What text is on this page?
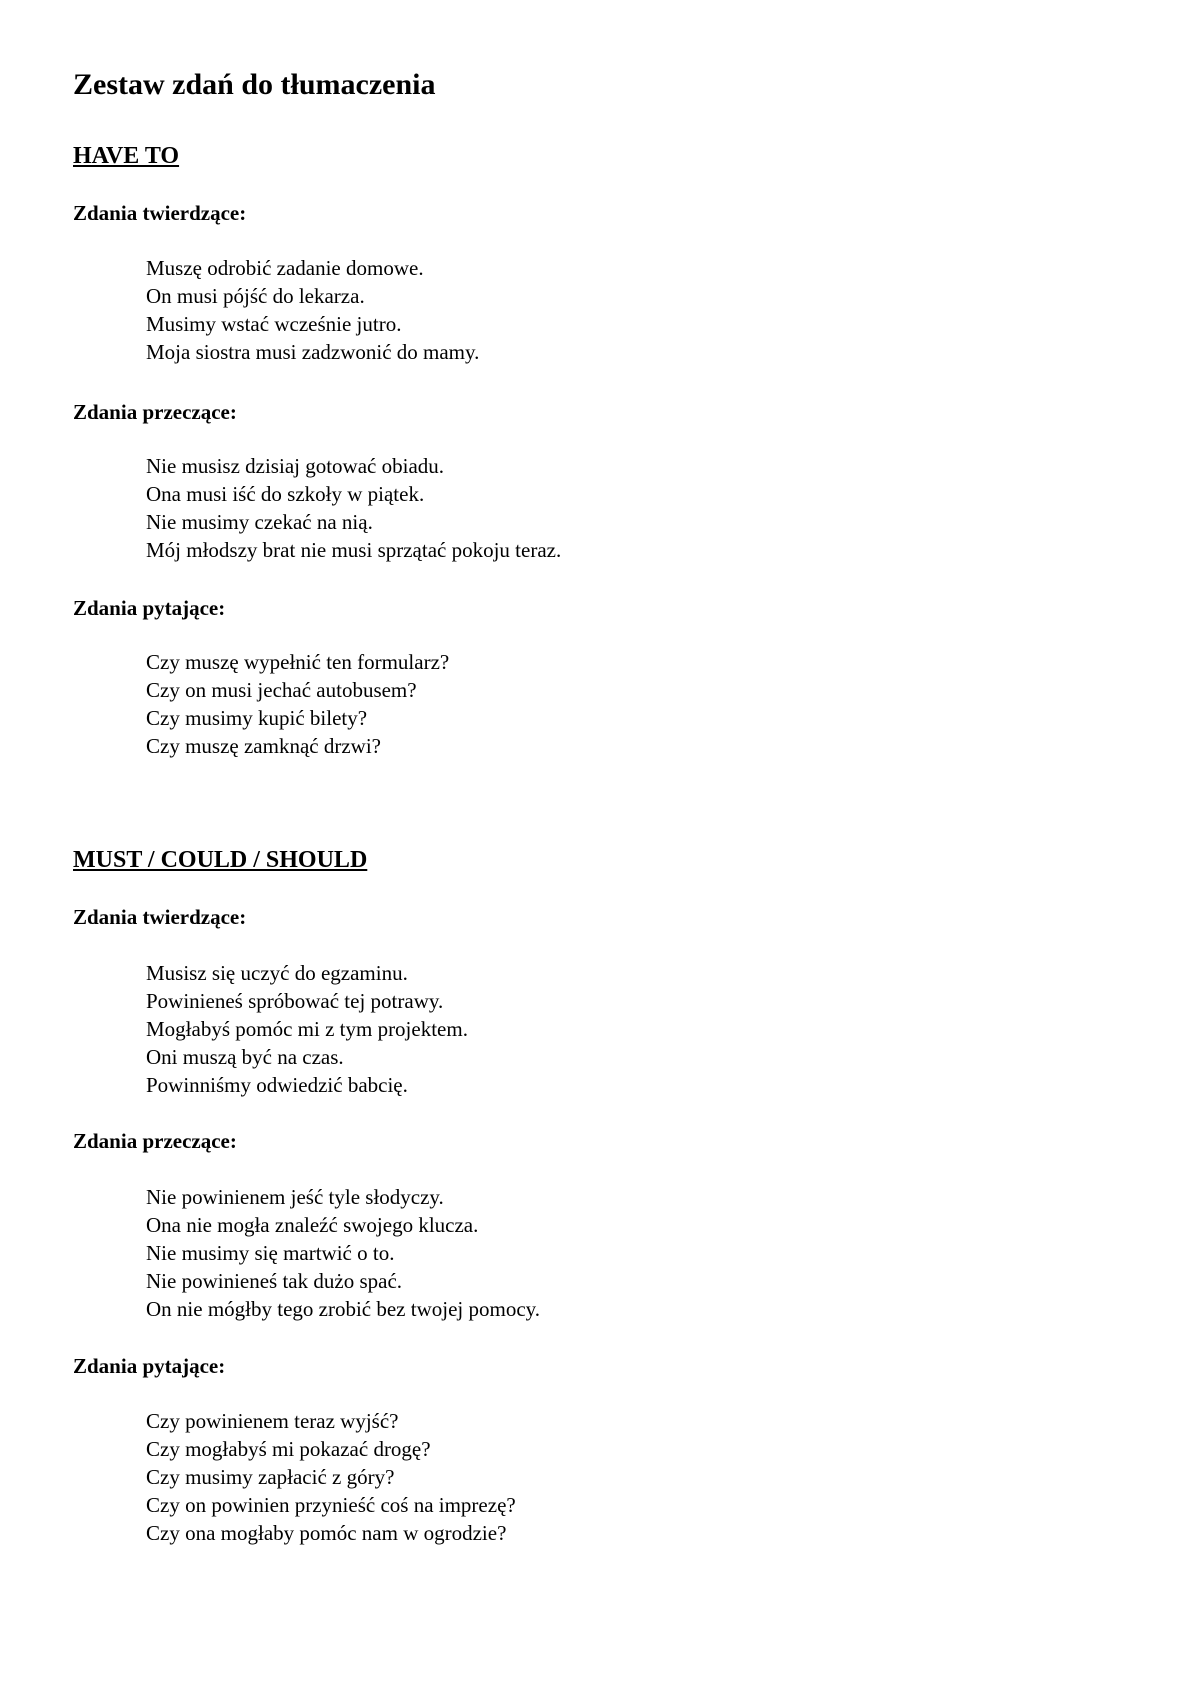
Zestaw zdań do tłumaczenia
HAVE TO
Zdania twierdzące:
Muszę odrobić zadanie domowe.
On musi pójść do lekarza.
Musimy wstać wcześnie jutro.
Moja siostra musi zadzwonić do mamy.
Zdania przeczące:
Nie musisz dzisiaj gotować obiadu.
Ona musi iść do szkoły w piątek.
Nie musimy czekać na nią.
Mój młodszy brat nie musi sprzątać pokoju teraz.
Zdania pytające:
Czy muszę wypełnić ten formularz?
Czy on musi jechać autobusem?
Czy musimy kupić bilety?
Czy muszę zamknąć drzwi?
MUST / COULD / SHOULD
Zdania twierdzące:
Musisz się uczyć do egzaminu.
Powinieneś spróbować tej potrawy.
Mogłabyś pomóc mi z tym projektem.
Oni muszą być na czas.
Powinniśmy odwiedzić babcię.
Zdania przeczące:
Nie powinienem jeść tyle słodyczy.
Ona nie mogła znaleźć swojego klucza.
Nie musimy się martwić o to.
Nie powinieneś tak dużo spać.
On nie mógłby tego zrobić bez twojej pomocy.
Zdania pytające:
Czy powinienem teraz wyjść?
Czy mogłabyś mi pokazać drogę?
Czy musimy zapłacić z góry?
Czy on powinien przynieść coś na imprezę?
Czy ona mogłaby pomóc nam w ogrodzie?
